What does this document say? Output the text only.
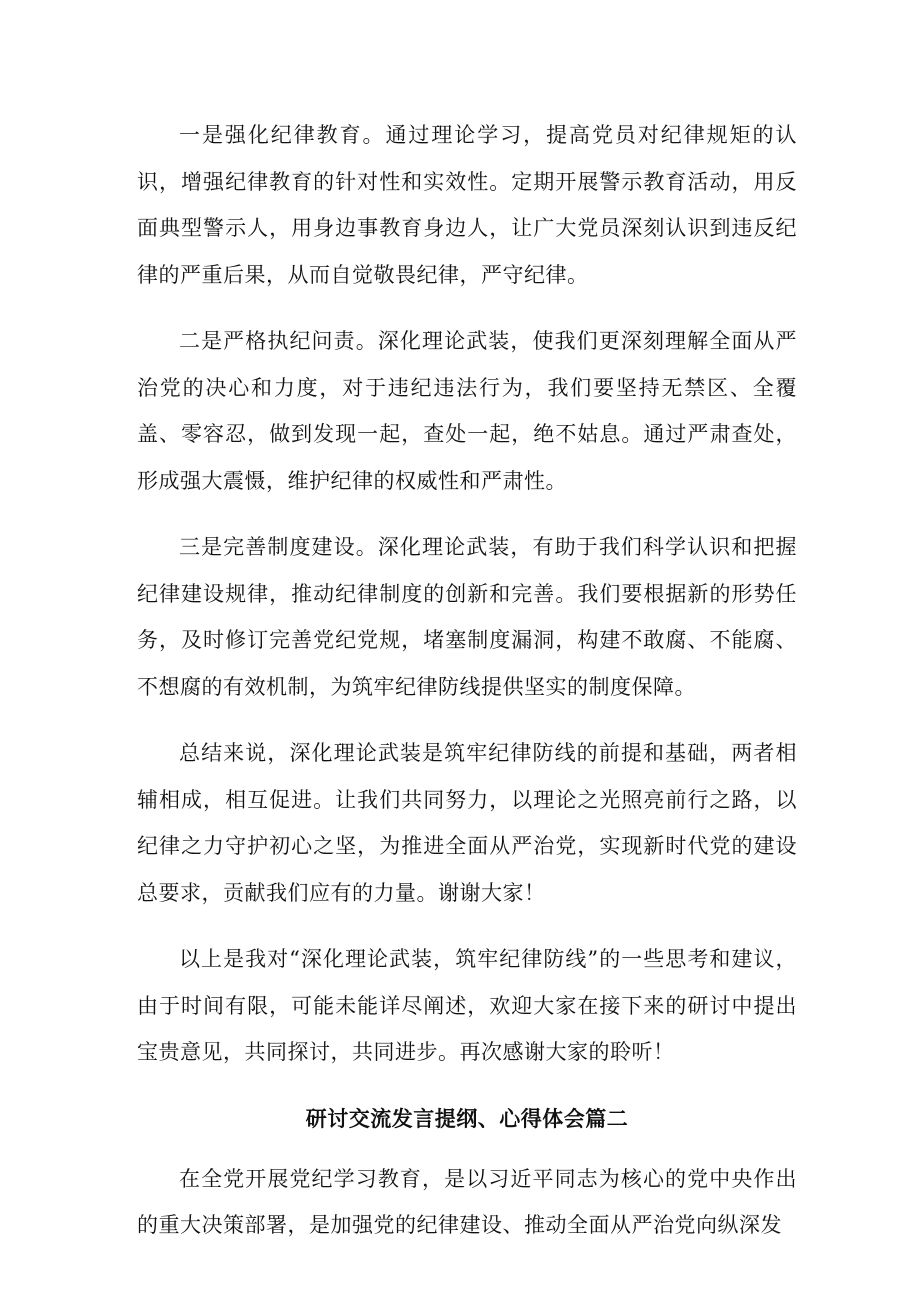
一是强化纪律教育。通过理论学习，提高党员对纪律规矩的认识，增强纪律教育的针对性和实效性。定期开展警示教育活动，用反面典型警示人，用身边事教育身边人，让广大党员深刻认识到违反纪律的严重后果，从而自觉敬畏纪律，严守纪律。

二是严格执纪问责。深化理论武装，使我们更深刻理解全面从严治党的决心和力度，对于违纪违法行为，我们要坚持无禁区、全覆盖、零容忍，做到发现一起，查处一起，绝不姑息。通过严肃查处，形成强大震慑，维护纪律的权威性和严肃性。

三是完善制度建设。深化理论武装，有助于我们科学认识和把握纪律建设规律，推动纪律制度的创新和完善。我们要根据新的形势任务，及时修订完善党纪党规，堵塞制度漏洞，构建不敢腐、不能腐、不想腐的有效机制，为筑牢纪律防线提供坚实的制度保障。

总结来说，深化理论武装是筑牢纪律防线的前提和基础，两者相辅相成，相互促进。让我们共同努力，以理论之光照亮前行之路，以纪律之力守护初心之坚，为推进全面从严治党，实现新时代党的建设总要求，贡献我们应有的力量。谢谢大家！

以上是我对“深化理论武装，筑牢纪律防线”的一些思考和建议，由于时间有限，可能未能详尽阐述，欢迎大家在接下来的研讨中提出宝贵意见，共同探讨，共同进步。再次感谢大家的聆听！

研讨交流发言提纲、心得体会篇二

在全党开展党纪学习教育，是以习近平同志为核心的党中央作出的重大决策部署，是加强党的纪律建设、推动全面从严治党向纵深发
